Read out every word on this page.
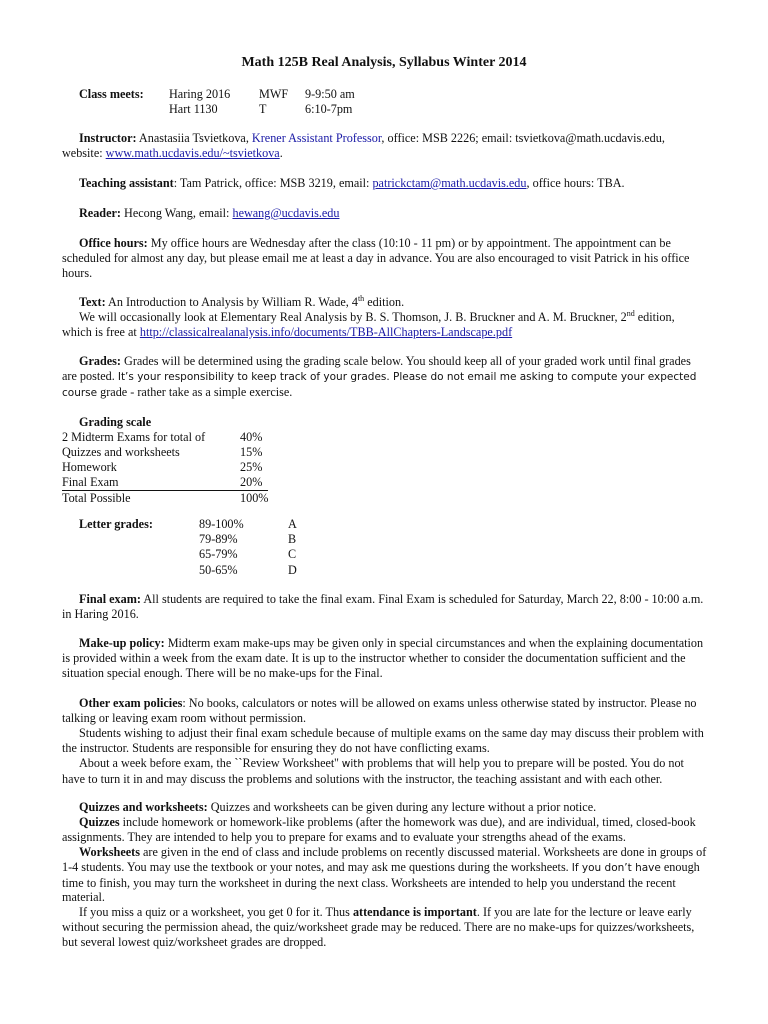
Math 125B Real Analysis, Syllabus Winter 2014
Class meets:	Haring 2016	MWF	9-9:50 am
	Hart 1130	T	6:10-7pm

Instructor: Anastasiia Tsvietkova, Krener Assistant Professor, office: MSB 2226; email: tsvietkova@math.ucdavis.edu, website: www.math.ucdavis.edu/~tsvietkova.

Teaching assistant: Tam Patrick, office: MSB 3219, email: patrickctam@math.ucdavis.edu, office hours: TBA.

Reader: Hecong Wang, email: hewang@ucdavis.edu

Office hours: My office hours are Wednesday after the class (10:10 - 11 pm) or by appointment. The appointment can be scheduled for almost any day, but please email me at least a day in advance. You are also encouraged to visit Patrick in his office hours.

Text: An Introduction to Analysis by William R. Wade, 4th edition.

We will occasionally look at Elementary Real Analysis by B. S. Thomson, J. B. Bruckner and A. M. Bruckner, 2nd edition,

which is free at http://classicalrealanalysis.info/documents/TBB-AllChapters-Landscape.pdf

Grades: Grades will be determined using the grading scale below. You should keep all of your graded work until final grades are posted. It’s your responsibility to keep track of your grades. Please do not email me asking to compute your expected course grade - rather take as a simple exercise.

Grading scale

2 Midterm Exams for total of	40%
Quizzes and worksheets	15%
Homework	25%
Final Exam	20%
Total Possible	100%
Letter grades:	89-100%	A
	79-89%	B
	65-79%	C
	50-65%	D

Final exam: All students are required to take the final exam. Final Exam is scheduled for Saturday, March 22, 8:00 - 10:00 a.m. in Haring 2016.

Make-up policy: Midterm exam make-ups may be given only in special circumstances and when the explaining documentation is provided within a week from the exam date. It is up to the instructor whether to consider the documentation sufficient and the situation special enough. There will be no make-ups for the Final.

Other exam policies: No books, calculators or notes will be allowed on exams unless otherwise stated by instructor. Please no talking or leaving exam room without permission.

Students wishing to adjust their final exam schedule because of multiple exams on the same day may discuss their problem with the instructor. Students are responsible for ensuring they do not have conflicting exams.

About a week before exam, the ``Review Worksheet'' with problems that will help you to prepare will be posted. You do not have to turn it in and may discuss the problems and solutions with the instructor, the teaching assistant and with each other.

Quizzes and worksheets: Quizzes and worksheets can be given during any lecture without a prior notice.

Quizzes include homework or homework-like problems (after the homework was due), and are individual, timed, closed-book assignments. They are intended to help you to prepare for exams and to evaluate your strengths ahead of the exams.

Worksheets are given in the end of class and include problems on recently discussed material. Worksheets are done in groups of 1-4 students. You may use the textbook or your notes, and may ask me questions during the worksheets. If you don’t have enough time to finish, you may turn the worksheet in during the next class. Worksheets are intended to help you understand the recent material.

If you miss a quiz or a worksheet, you get 0 for it. Thus attendance is important. If you are late for the lecture or leave early without securing the permission ahead, the quiz/worksheet grade may be reduced. There are no make-ups for quizzes/worksheets, but several lowest quiz/worksheet grades are dropped.
